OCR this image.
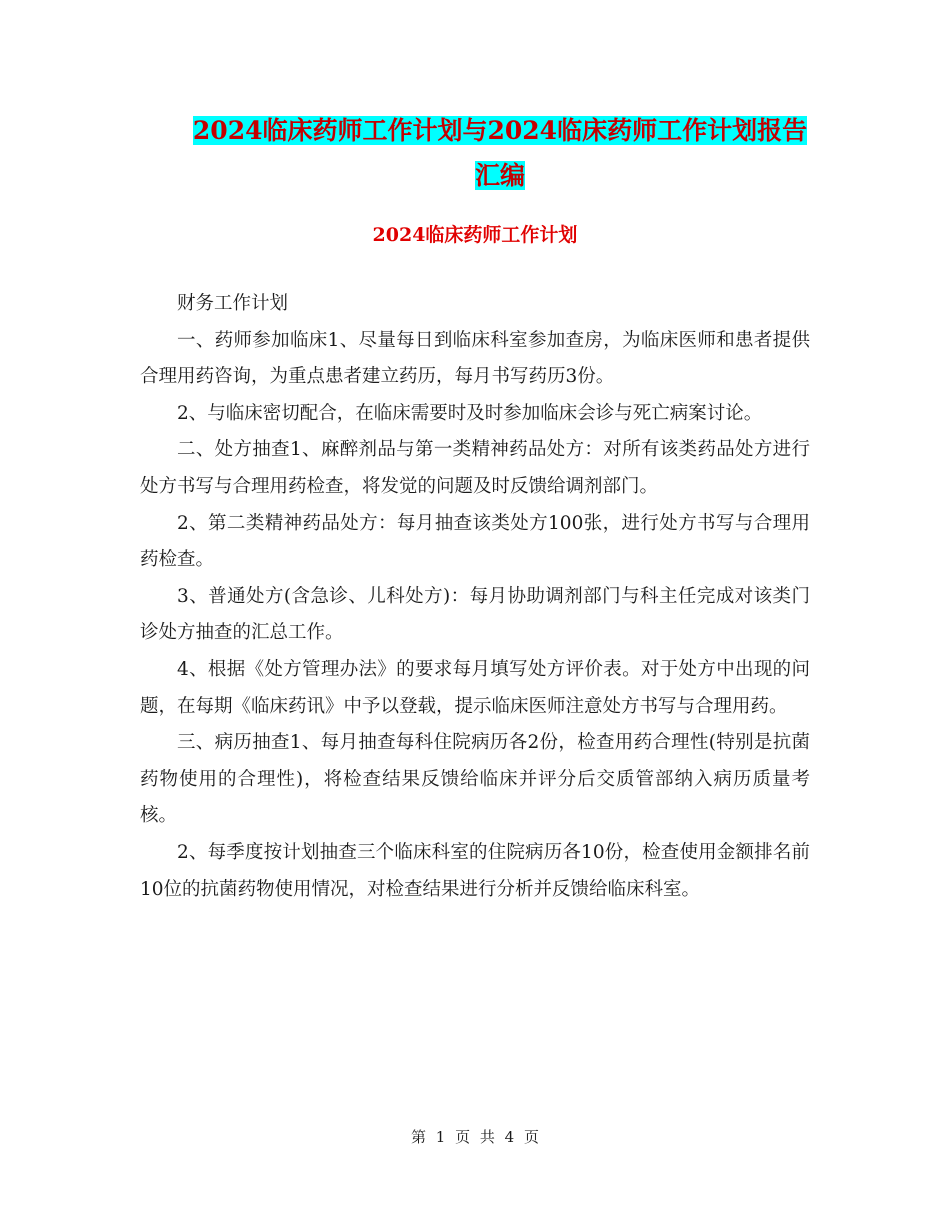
2024临床药师工作计划与2024临床药师工作计划报告
汇编
2024临床药师工作计划

财务工作计划

一、药师参加临床1、尽量每日到临床科室参加查房，为临床医师和患者提供合理用药咨询，为重点患者建立药历，每月书写药历3份。

2、与临床密切配合，在临床需要时及时参加临床会诊与死亡病案讨论。

二、处方抽查1、麻醉剂品与第一类精神药品处方：对所有该类药品处方进行处方书写与合理用药检查，将发觉的问题及时反馈给调剂部门。

2、第二类精神药品处方：每月抽查该类处方100张，进行处方书写与合理用药检查。

3、普通处方(含急诊、儿科处方)：每月协助调剂部门与科主任完成对该类门诊处方抽查的汇总工作。

4、根据《处方管理办法》的要求每月填写处方评价表。对于处方中出现的问题，在每期《临床药讯》中予以登载，提示临床医师注意处方书写与合理用药。

三、病历抽查1、每月抽查每科住院病历各2份，检查用药合理性(特别是抗菌药物使用的合理性)，将检查结果反馈给临床并评分后交质管部纳入病历质量考核。

2、每季度按计划抽查三个临床科室的住院病历各10份，检查使用金额排名前10位的抗菌药物使用情况，对检查结果进行分析并反馈给临床科室。

第 1 页 共 4 页
